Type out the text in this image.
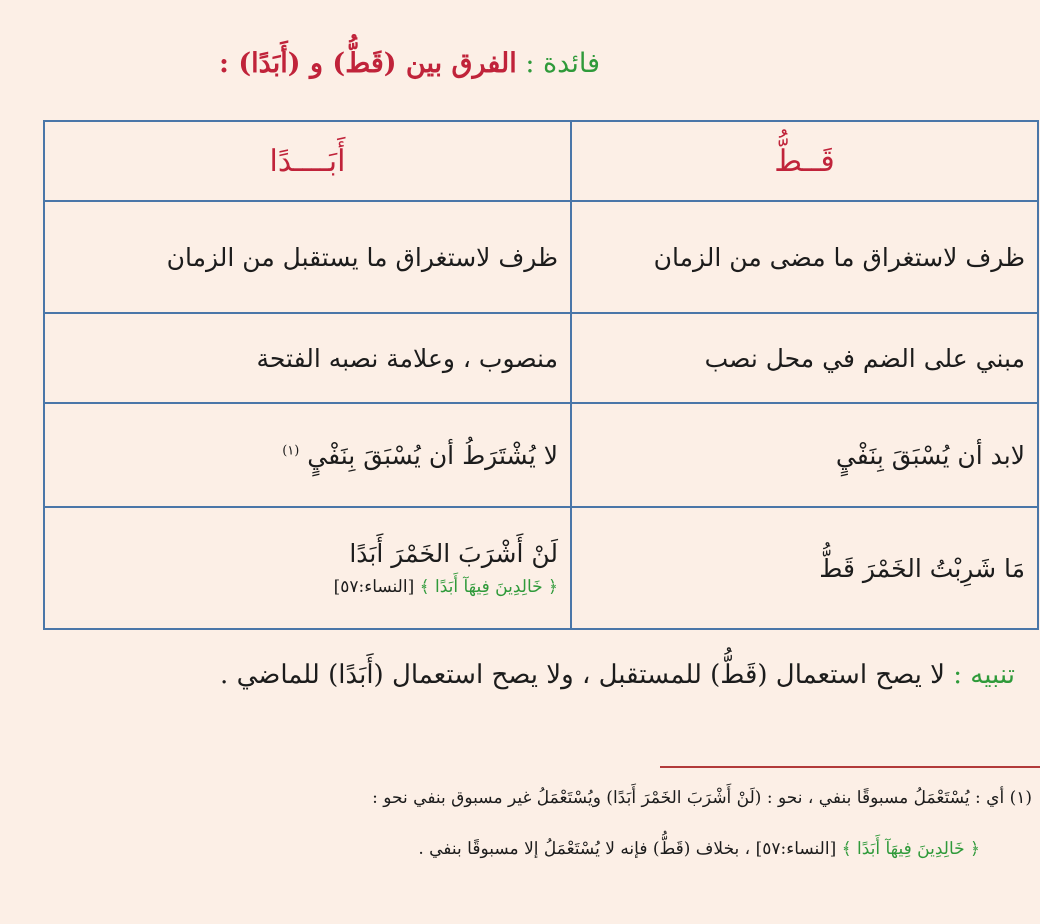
فائدة : الفرق بين (قَطُّ) و (أَبَدًا) :
قَــطُّ	أَبَــــدًا
ظرف لاستغراق ما مضى من الزمان	ظرف لاستغراق ما يستقبل من الزمان
مبني على الضم في محل نصب	منصوب ، وعلامة نصبه الفتحة
لابد أن يُسْبَقَ بِنَفْيٍ	لا يُشْتَرَطُ أن يُسْبَقَ بِنَفْيٍ $^{(١)}$
مَا شَرِبْتُ الخَمْرَ قَطُّ	لَنْ أَشْرَبَ الخَمْرَ أَبَدًا
﴿ خَالِدِينَ فِيهَآ أَبَدًا ﴾ [النساء:٥٧]
تنبيه : لا يصح استعمال (قَطُّ) للمستقبل ، ولا يصح استعمال (أَبَدًا) للماضي .
(١) أي : يُسْتَعْمَلُ مسبوقًا بنفي ، نحو : (لَنْ أَشْرَبَ الخَمْرَ أَبَدًا) ويُسْتَعْمَلُ غير مسبوق بنفي نحو :
﴿ خَالِدِينَ فِيهَآ أَبَدًا ﴾ [النساء:٥٧] ، بخلاف (قَطُّ) فإنه لا يُسْتَعْمَلُ إلا مسبوقًا بنفي .
